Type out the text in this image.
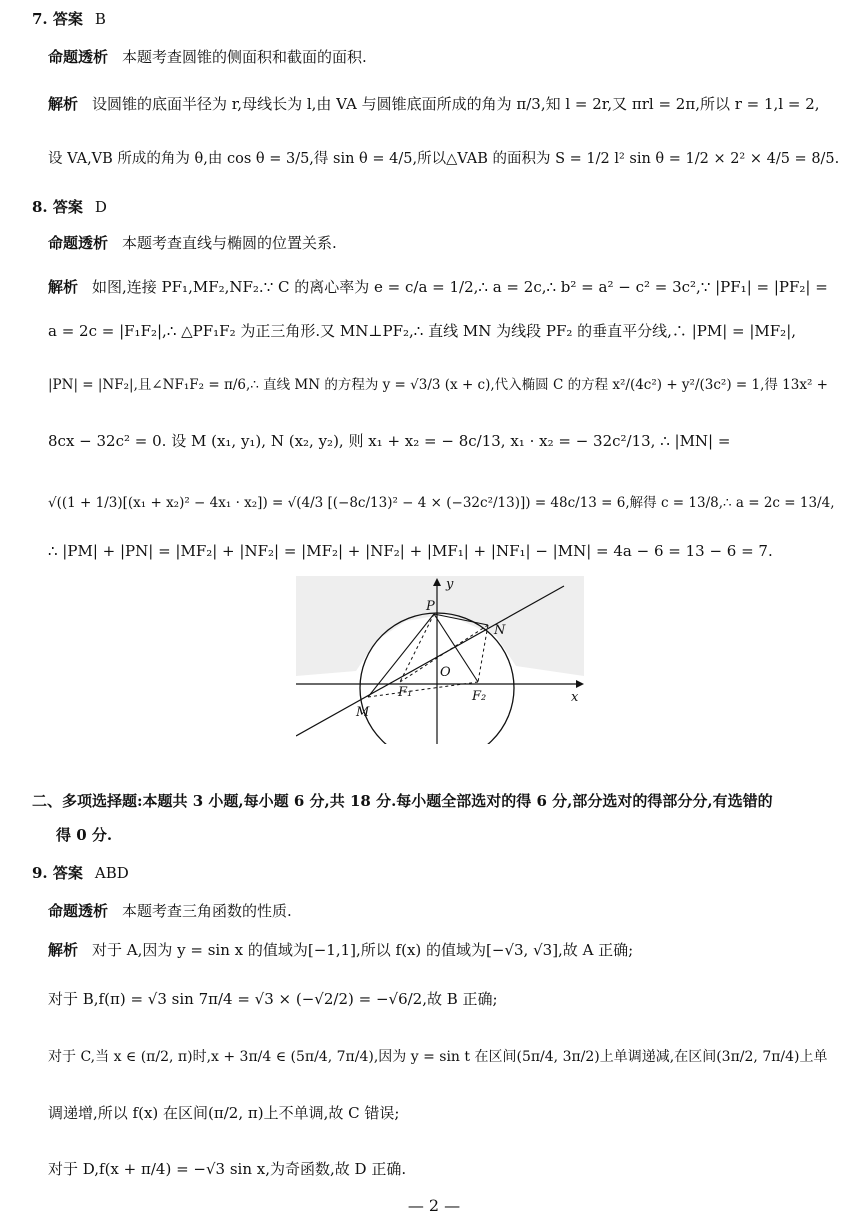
7. 答案 B
命题透析 本题考查圆锥的侧面积和截面的面积.
解析 设圆锥的底面半径为 r,母线长为 l,由 VA 与圆锥底面所成的角为 π/3,知 l = 2r,又 πrl = 2π,所以 r = 1,l = 2,
设 VA,VB 所成的角为 θ,由 cos θ = 3/5,得 sin θ = 4/5,所以△VAB 的面积为 S = 1/2 l² sin θ = 1/2 × 2² × 4/5 = 8/5.
8. 答案 D
命题透析 本题考查直线与椭圆的位置关系.
解析 如图,连接 PF₁,MF₂,NF₂.∵ C 的离心率为 e = c/a = 1/2,∴ a = 2c,∴ b² = a² − c² = 3c²,∵ |PF₁| = |PF₂| =
a = 2c = |F₁F₂|,∴ △PF₁F₂ 为正三角形.又 MN⊥PF₂,∴ 直线 MN 为线段 PF₂ 的垂直平分线,∴ |PM| = |MF₂|,
|PN| = |NF₂|,且∠NF₁F₂ = π/6,∴ 直线 MN 的方程为 y = √3/3 (x + c),代入椭圆 C 的方程 x²/(4c²) + y²/(3c²) = 1,得 13x² +
8cx − 32c² = 0. 设 M (x₁, y₁), N (x₂, y₂), 则 x₁ + x₂ = − 8c/13, x₁ · x₂ = − 32c²/13, ∴ |MN| =
√((1 + 1/3)[(x₁ + x₂)² − 4x₁ · x₂]) = √(4/3 [(−8c/13)² − 4 × (−32c²/13)]) = 48c/13 = 6,解得 c = 13/8,∴ a = 2c = 13/4,
∴ |PM| + |PN| = |MF₂| + |NF₂| = |MF₂| + |NF₂| + |MF₁| + |NF₁| − |MN| = 4a − 6 = 13 − 6 = 7.
y
x
P
N
O
F₁	F₂
M
二、多项选择题:本题共 3 小题,每小题 6 分,共 18 分.每小题全部选对的得 6 分,部分选对的得部分分,有选错的
得 0 分.
9. 答案 ABD
命题透析 本题考查三角函数的性质.
解析 对于 A,因为 y = sin x 的值域为[−1,1],所以 f(x) 的值域为[−√3, √3],故 A 正确;
对于 B,f(π) = √3 sin 7π/4 = √3 × (−√2/2) = −√6/2,故 B 正确;
对于 C,当 x ∈ (π/2, π)时,x + 3π/4 ∈ (5π/4, 7π/4),因为 y = sin t 在区间(5π/4, 3π/2)上单调递减,在区间(3π/2, 7π/4)上单
调递增,所以 f(x) 在区间(π/2, π)上不单调,故 C 错误;
对于 D,f(x + π/4) = −√3 sin x,为奇函数,故 D 正确.
— 2 —
